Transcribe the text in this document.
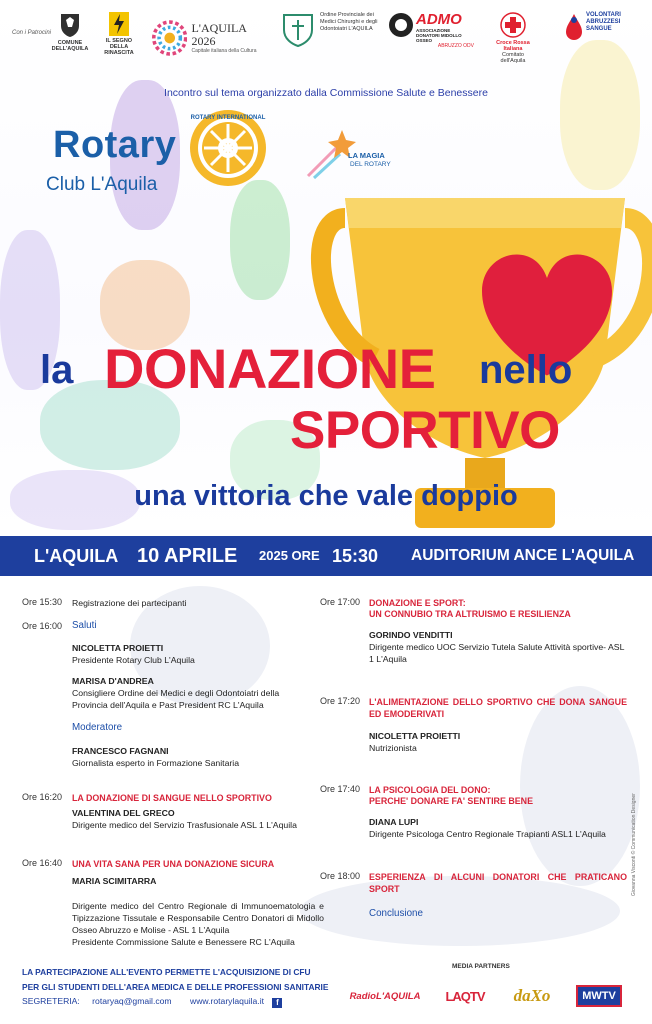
Con i Patrocini
COMUNE DELL'AQUILA
IL SEGNO DELLA RINASCITA
L'AQUILA 2026
Capitale italiana della Cultura
Ordine Provinciale dei Medici Chirurghi e degli Odontoiatri L'AQUILA
ADMO
ASSOCIAZIONE DONATORI MIDOLLO OSSEO
ABRUZZO ODV	Croce Rossa Italiana
Comitato dell'Aquila
VOLONTARI ABRUZZESI SANGUE
Incontro sul tema organizzato dalla Commissione Salute e Benessere
Rotary
Club L'Aquila
ROTARY INTERNATIONAL
LA MAGIA
DEL ROTARY
la DONAZIONE nello
SPORTIVO
una vittoria che vale doppio
L'AQUILA 10 APRILE 2025 ORE 15:30 AUDITORIUM ANCE L'AQUILA
Ore 15:30 Registrazione dei partecipanti
Ore 16:00 Saluti
NICOLETTA PROIETTI
Presidente Rotary Club L'Aquila
MARISA D'ANDREA
Consigliere Ordine dei Medici e degli Odontoiatri della Provincia dell'Aquila e Past President RC L'Aquila
Moderatore
FRANCESCO FAGNANI
Giornalista esperto in Formazione Sanitaria
Ore 16:20 LA DONAZIONE DI SANGUE NELLO SPORTIVO
VALENTINA DEL GRECO
Dirigente medico del Servizio Trasfusionale ASL 1 L'Aquila
Ore 16:40 UNA VITA SANA PER UNA DONAZIONE SICURA
MARIA SCIMITARRA
Dirigente medico del Centro Regionale di Immunoematologia e Tipizzazione Tissutale e Responsabile Centro Donatori di Midollo Osseo Abruzzo e Molise - ASL 1 L'Aquila
Presidente Commissione Salute e Benessere RC L'Aquila
Ore 17:00 DONAZIONE E SPORT:
UN CONNUBIO TRA ALTRUISMO E RESILIENZA
GORINDO VENDITTI
Dirigente medico UOC Servizio Tutela Salute Attività sportive- ASL 1 L'Aquila
Ore 17:20 L'ALIMENTAZIONE DELLO SPORTIVO CHE DONA SANGUE ED EMODERIVATI
NICOLETTA PROIETTI
Nutrizionista
Ore 17:40 LA PSICOLOGIA DEL DONO:
PERCHE' DONARE FA' SENTIRE BENE
DIANA LUPI
Dirigente Psicologa Centro Regionale Trapianti ASL1 L'Aquila
Ore 18:00 ESPERIENZA DI ALCUNI DONATORI CHE PRATICANO SPORT
Conclusione
LA PARTECIPAZIONE ALL'EVENTO PERMETTE L'ACQUISIZIONE DI CFU
PER GLI STUDENTI DELL'AREA MEDICA E DELLE PROFESSIONI SANITARIE
SEGRETERIA: rotaryaq@gmail.com www.rotarylaquila.it f
MEDIA PARTNERS
RadioL'AQUILA LAQTV daXo	MWTV
Giovanna Visconti © Communication Designer
